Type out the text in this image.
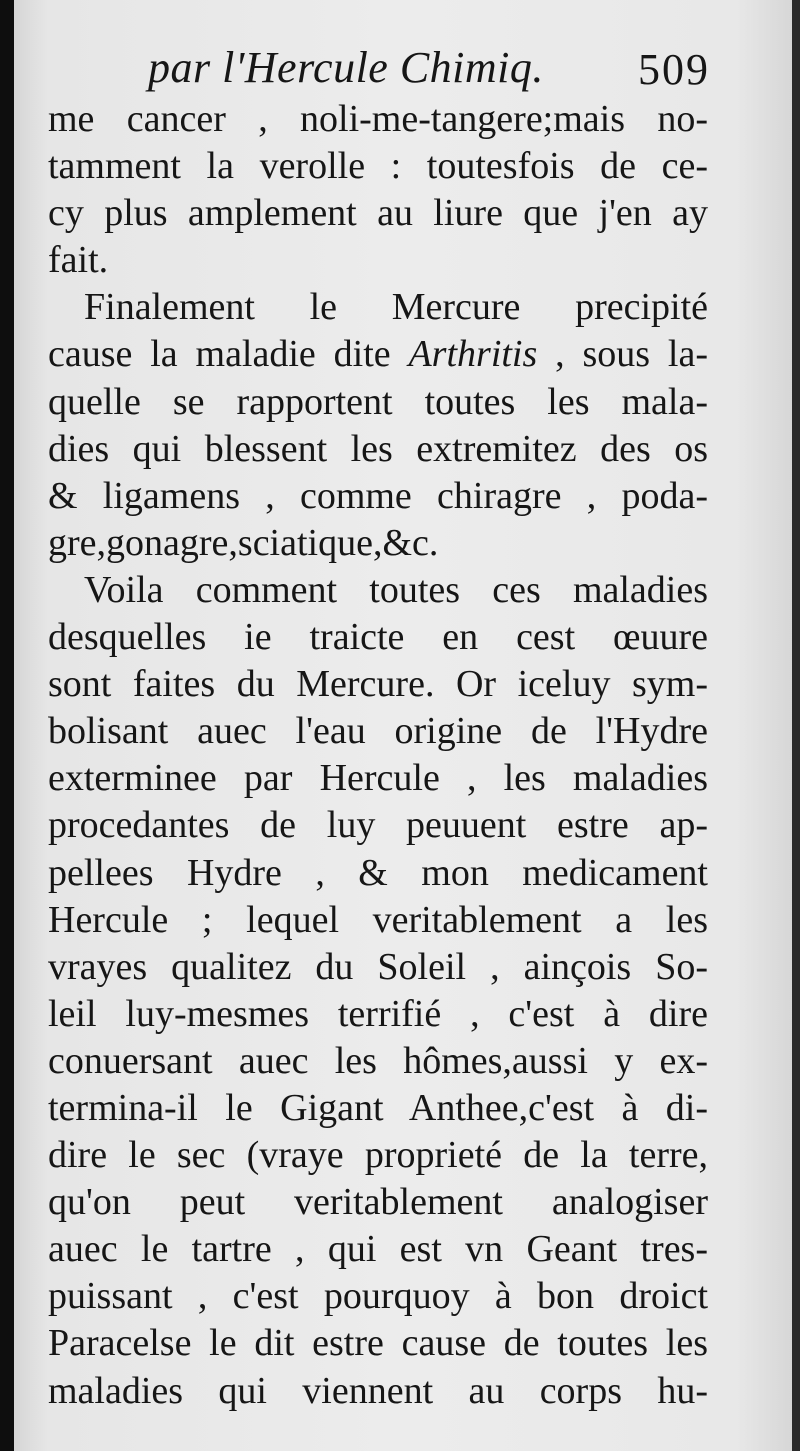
par l'Hercule Chimiq. 509
me cancer , noli-me-tangere;mais no-
tamment la verolle : toutesfois de ce-
cy plus amplement au liure que j'en ay
fait.
Finalement le Mercure precipité
cause la maladie dite Arthritis , sous la-
quelle se rapportent toutes les mala-
dies qui blessent les extremitez des os
& ligamens , comme chiragre , poda-
gre,gonagre,sciatique,&c.
Voila comment toutes ces maladies
desquelles ie traicte en cest œuure
sont faites du Mercure. Or iceluy sym-
bolisant auec l'eau origine de l'Hydre
exterminee par Hercule , les maladies
procedantes de luy peuuent estre ap-
pellees Hydre , & mon medicament
Hercule ; lequel veritablement a les
vrayes qualitez du Soleil , ainçois So-
leil luy-mesmes terrifié , c'est à dire
conuersant auec les hômes,aussi y ex-
termina-il le Gigant Anthee,c'est à di-
dire le sec (vraye proprieté de la terre,
qu'on peut veritablement analogiser
auec le tartre , qui est vn Geant tres-
puissant , c'est pourquoy à bon droict
Paracelse le dit estre cause de toutes les
maladies qui viennent au corps hu-
